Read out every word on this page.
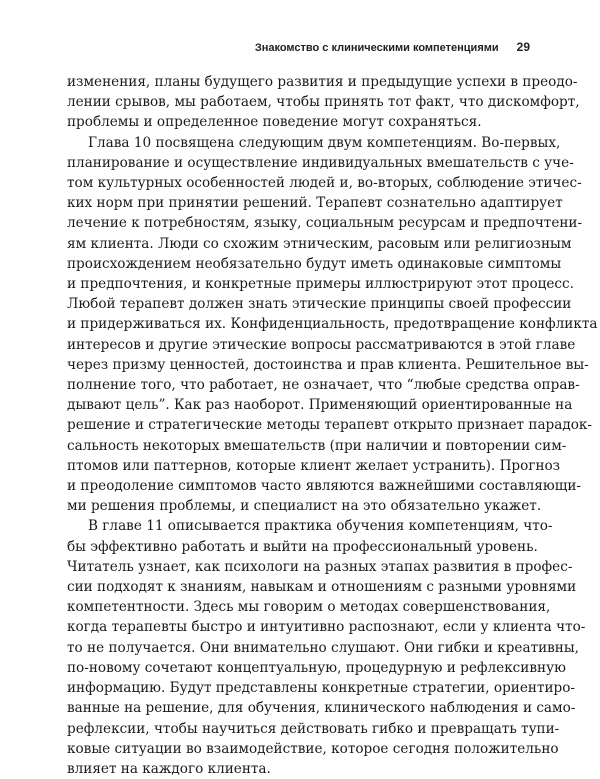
Знакомство с клиническими компетенциями 29

изменения, планы будущего развития и предыдущие успехи в преодо-
лении срывов, мы работаем, чтобы принять тот факт, что дискомфорт,
проблемы и определенное поведение могут сохраняться.

Глава 10 посвящена следующим двум компетенциям. Во-первых,
планирование и осуществление индивидуальных вмешательств с уче-
том культурных особенностей людей и, во-вторых, соблюдение этичес-
ких норм при принятии решений. Терапевт сознательно адаптирует
лечение к потребностям, языку, социальным ресурсам и предпочтени-
ям клиента. Люди со схожим этническим, расовым или религиозным
происхождением необязательно будут иметь одинаковые симптомы
и предпочтения, и конкретные примеры иллюстрируют этот процесс.
Любой терапевт должен знать этические принципы своей профессии
и придерживаться их. Конфиденциальность, предотвращение конфликта
интересов и другие этические вопросы рассматриваются в этой главе
через призму ценностей, достоинства и прав клиента. Решительное вы-
полнение того, что работает, не означает, что “любые средства оправ-
дывают цель”. Как раз наоборот. Применяющий ориентированные на
решение и стратегические методы терапевт открыто признает парадок-
сальность некоторых вмешательств (при наличии и повторении сим-
птомов или паттернов, которые клиент желает устранить). Прогноз
и преодоление симптомов часто являются важнейшими составляющи-
ми решения проблемы, и специалист на это обязательно укажет.

В главе 11 описывается практика обучения компетенциям, что-
бы эффективно работать и выйти на профессиональный уровень.
Читатель узнает, как психологи на разных этапах развития в профес-
сии подходят к знаниям, навыкам и отношениям с разными уровнями
компетентности. Здесь мы говорим о методах совершенствования,
когда терапевты быстро и интуитивно распознают, если у клиента что-
то не получается. Они внимательно слушают. Они гибки и креативны,
по-новому сочетают концептуальную, процедурную и рефлексивную
информацию. Будут представлены конкретные стратегии, ориентиро-
ванные на решение, для обучения, клинического наблюдения и само-
рефлексии, чтобы научиться действовать гибко и превращать тупи-
ковые ситуации во взаимодействие, которое сегодня положительно
влияет на каждого клиента.
